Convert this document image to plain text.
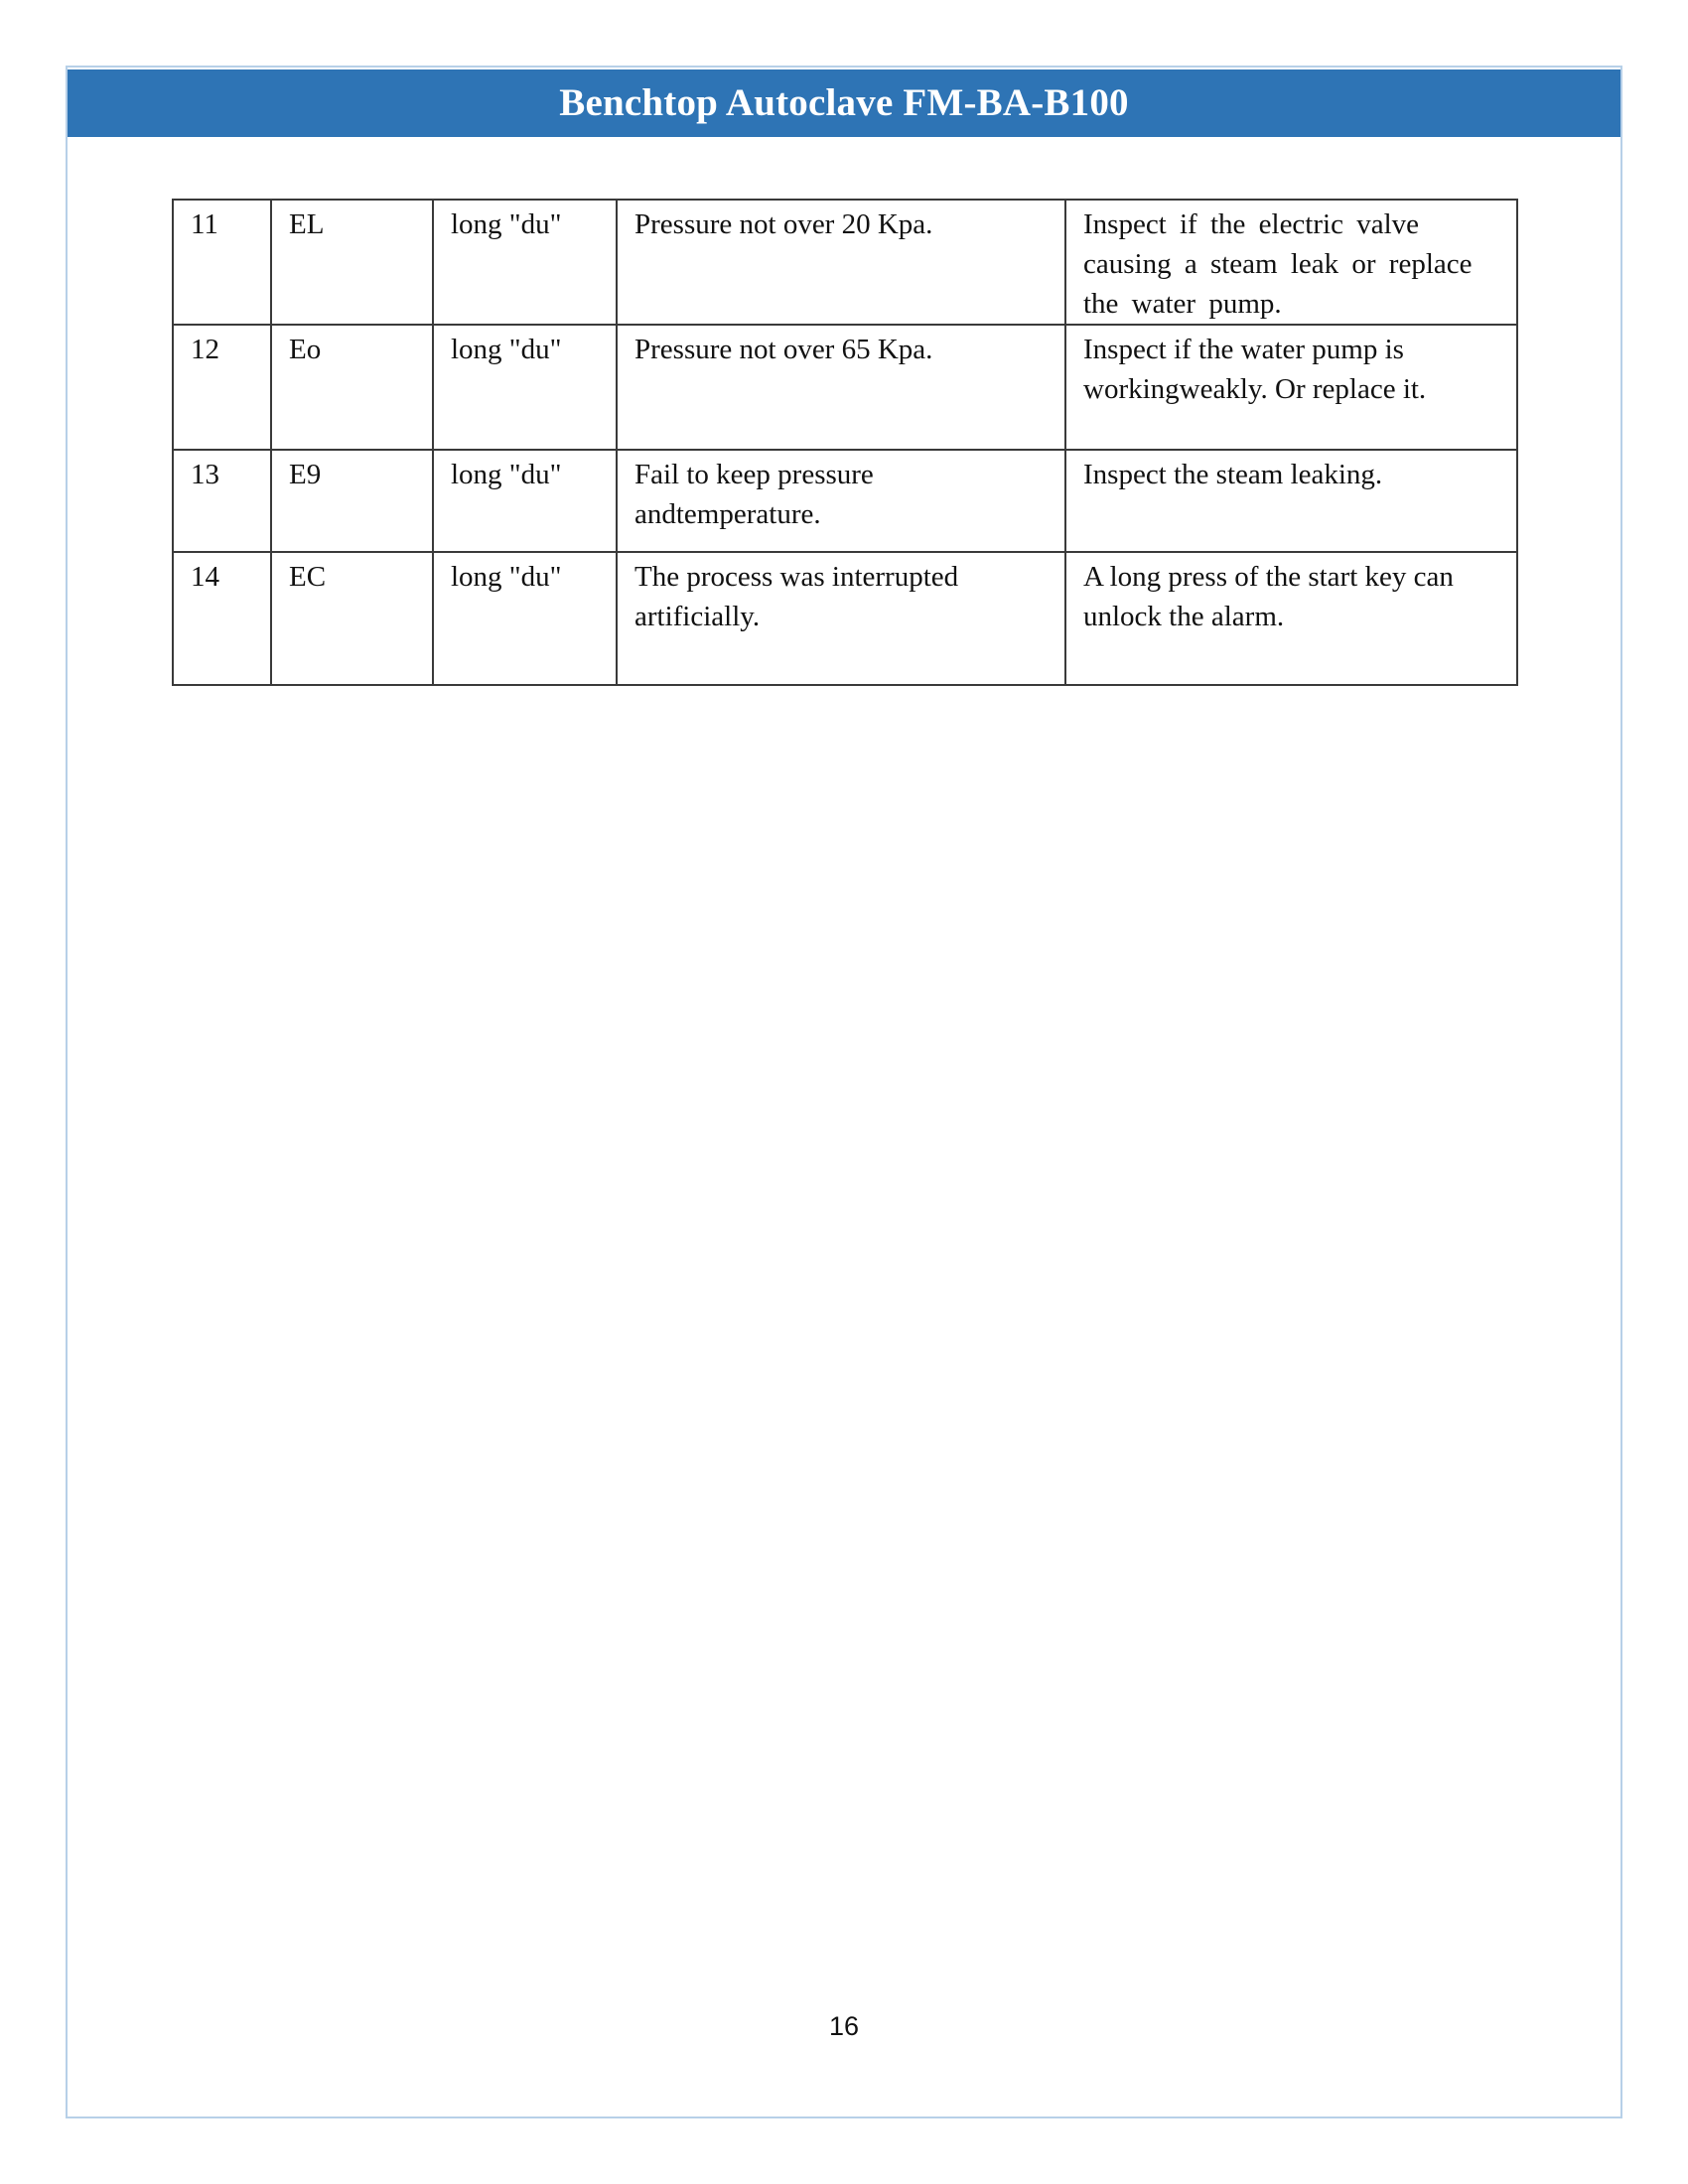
Benchtop Autoclave FM-BA-B100
11	EL	long "du"	Pressure not over 20 Kpa.	Inspect if the electric valve causing a steam leak or replace the water pump.
12	Eo	long "du"	Pressure not over 65 Kpa.	Inspect if the water pump is workingweakly. Or replace it.
13	E9	long "du"	Fail to keep pressure andtemperature.	Inspect the steam leaking.
14	EC	long "du"	The process was interrupted artificially.	A long press of the start key can unlock the alarm.
16
